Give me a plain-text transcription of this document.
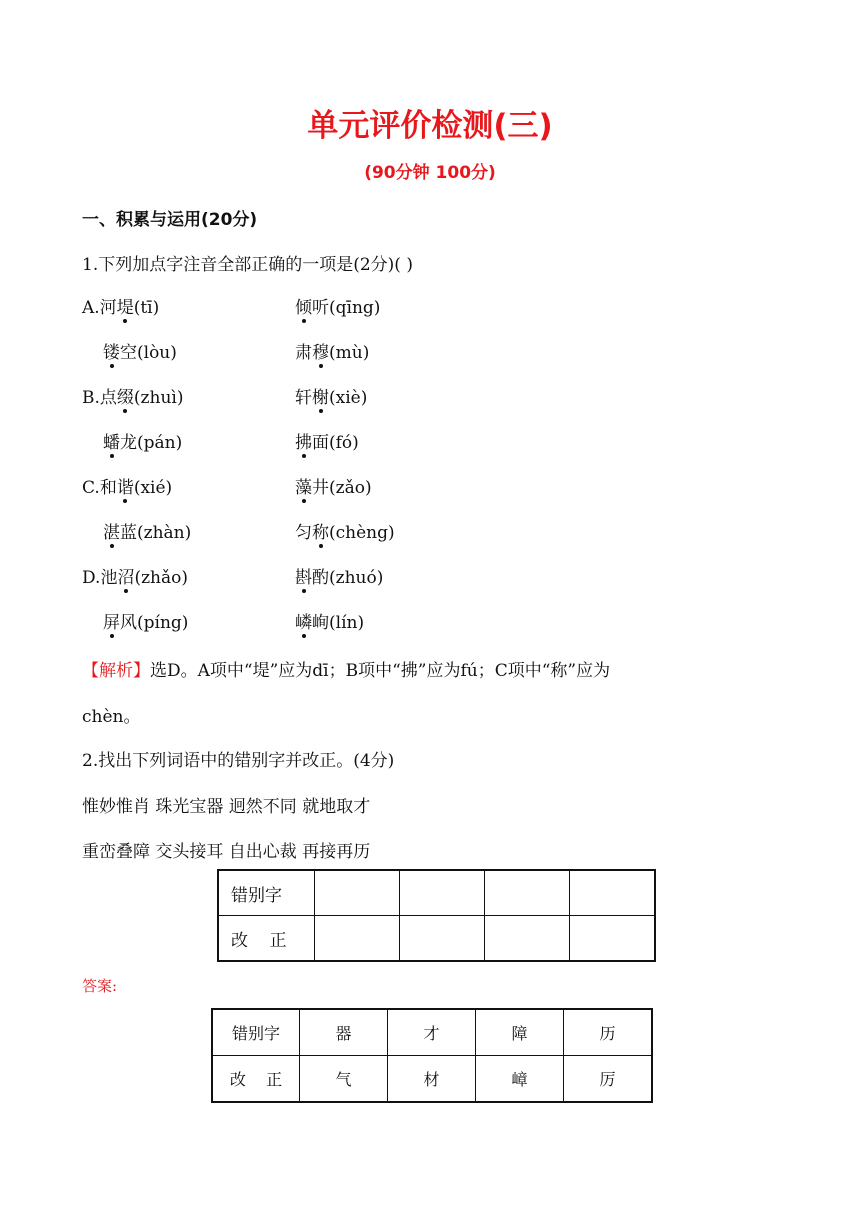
单元评价检测(三)
(90分钟 100分)
一、积累与运用(20分)
1.下列加点字注音全部正确的一项是(2分)( )
A.河堤(tī)	倾听(qīng)
镂空(lòu)	肃穆(mù)
B.点缀(zhuì)	轩榭(xiè)
蟠龙(pán)	拂面(fó)
C.和谐(xié)	藻井(zǎo)
湛蓝(zhàn)	匀称(chèng)
D.池沼(zhǎo)	斟酌(zhuó)
屏风(píng)	嶙峋(lín)
【解析】选D。A项中“堤”应为dī；B项中“拂”应为fú；C项中“称”应为
chèn。
2.找出下列词语中的错别字并改正。(4分)
惟妙惟肖 珠光宝器 迥然不同 就地取才
重峦叠障 交头接耳 自出心裁 再接再历
错别字				
改    正				
答案:
错别字	器	才	障	历
改    正	气	材	嶂	厉
